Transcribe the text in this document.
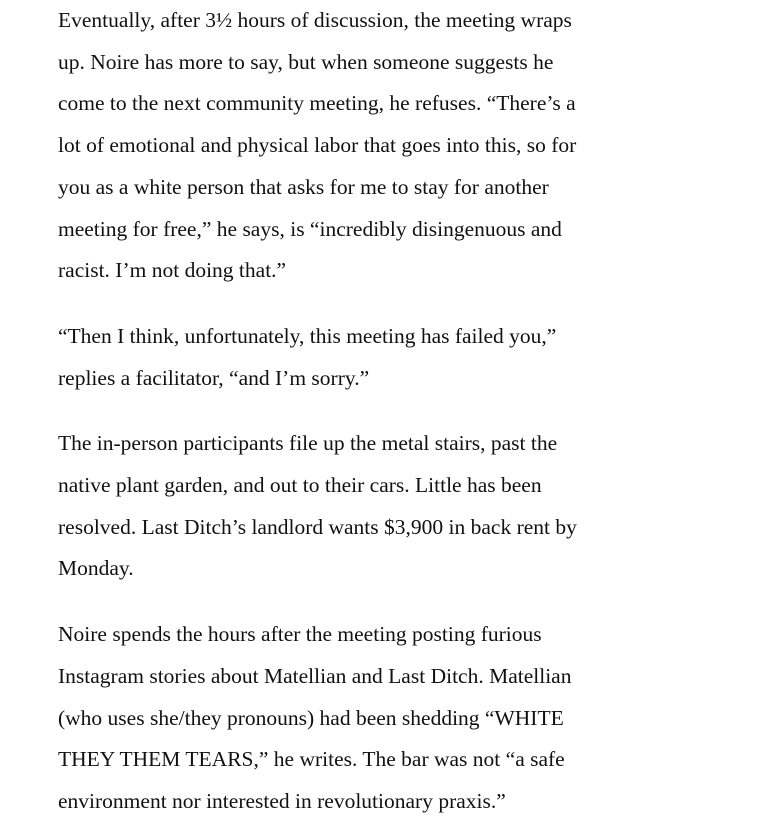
Eventually, after 3½ hours of discussion, the meeting wraps
up. Noire has more to say, but when someone suggests he
come to the next community meeting, he refuses. “There’s a
lot of emotional and physical labor that goes into this, so for
you as a white person that asks for me to stay for another
meeting for free,” he says, is “incredibly disingenuous and
racist. I’m not doing that.”

“Then I think, unfortunately, this meeting has failed you,”
replies a facilitator, “and I’m sorry.”

The in-person participants file up the metal stairs, past the
native plant garden, and out to their cars. Little has been
resolved. Last Ditch’s landlord wants $3,900 in back rent by
Monday.

Noire spends the hours after the meeting posting furious
Instagram stories about Matellian and Last Ditch. Matellian
(who uses she/they pronouns) had been shedding “WHITE
THEY THEM TEARS,” he writes. The bar was not “a safe
environment nor interested in revolutionary praxis.”
